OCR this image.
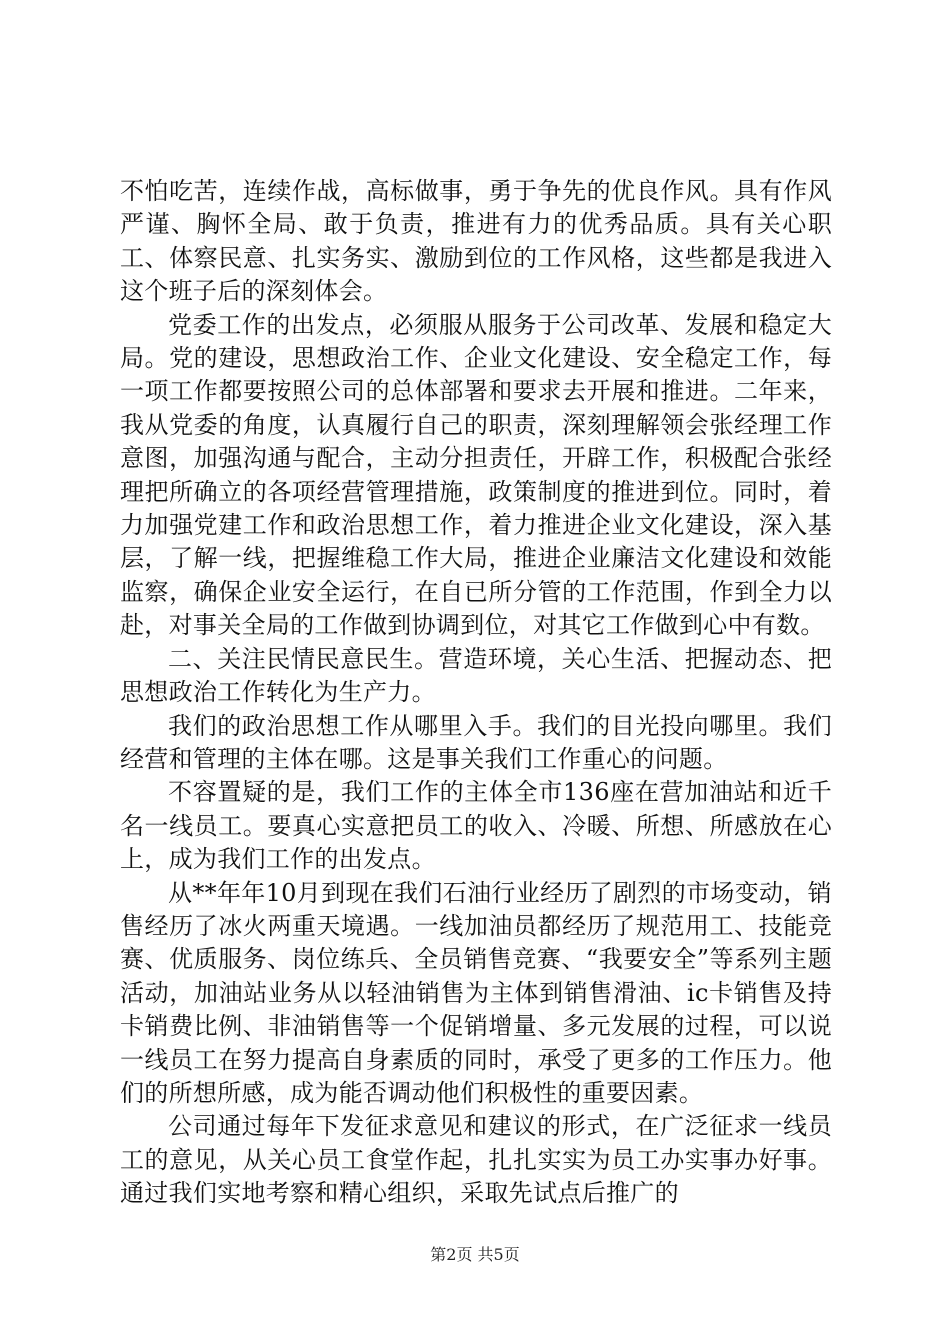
不怕吃苦，连续作战，高标做事，勇于争先的优良作风。具有作风严谨、胸怀全局、敢于负责，推进有力的优秀品质。具有关心职工、体察民意、扎实务实、激励到位的工作风格，这些都是我进入这个班子后的深刻体会。

党委工作的出发点，必须服从服务于公司改革、发展和稳定大局。党的建设，思想政治工作、企业文化建设、安全稳定工作，每一项工作都要按照公司的总体部署和要求去开展和推进。二年来，我从党委的角度，认真履行自己的职责，深刻理解领会张经理工作意图，加强沟通与配合，主动分担责任，开辟工作，积极配合张经理把所确立的各项经营管理措施，政策制度的推进到位。同时，着力加强党建工作和政治思想工作，着力推进企业文化建设，深入基层，了解一线，把握维稳工作大局，推进企业廉洁文化建设和效能监察，确保企业安全运行，在自已所分管的工作范围，作到全力以赴，对事关全局的工作做到协调到位，对其它工作做到心中有数。

二、关注民情民意民生。营造环境，关心生活、把握动态、把思想政治工作转化为生产力。

我们的政治思想工作从哪里入手。我们的目光投向哪里。我们经营和管理的主体在哪。这是事关我们工作重心的问题。

不容置疑的是，我们工作的主体全市136座在营加油站和近千名一线员工。要真心实意把员工的收入、冷暖、所想、所感放在心上，成为我们工作的出发点。

从**年年10月到现在我们石油行业经历了剧烈的市场变动，销售经历了冰火两重天境遇。一线加油员都经历了规范用工、技能竞赛、优质服务、岗位练兵、全员销售竞赛、“我要安全”等系列主题活动，加油站业务从以轻油销售为主体到销售滑油、ic卡销售及持卡销费比例、非油销售等一个促销增量、多元发展的过程，可以说一线员工在努力提高自身素质的同时，承受了更多的工作压力。他们的所想所感，成为能否调动他们积极性的重要因素。

公司通过每年下发征求意见和建议的形式，在广泛征求一线员工的意见，从关心员工食堂作起，扎扎实实为员工办实事办好事。通过我们实地考察和精心组织，采取先试点后推广的

第2页 共5页
